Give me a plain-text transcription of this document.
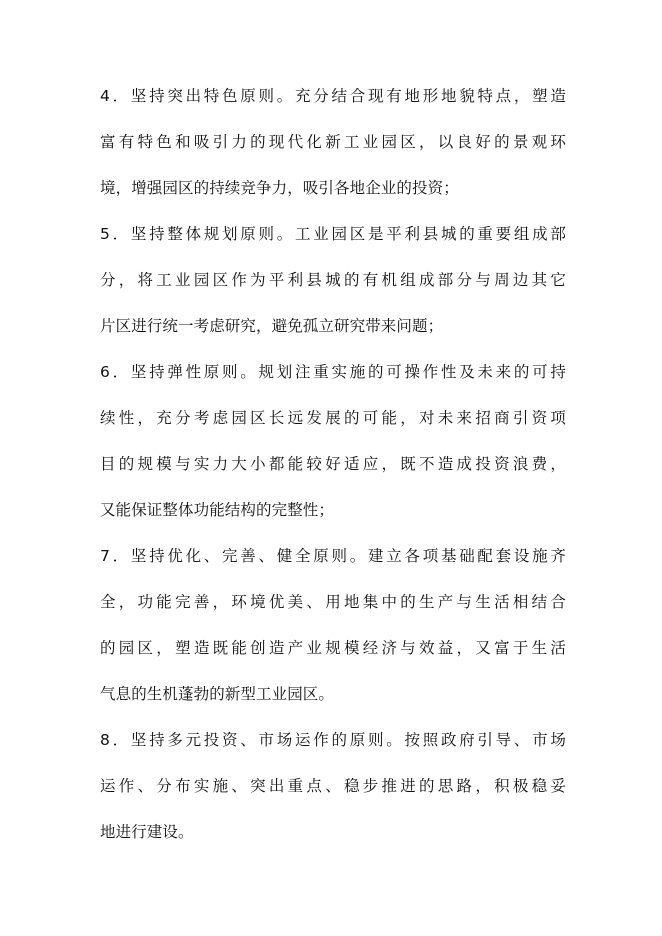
4．坚持突出特色原则。充分结合现有地形地貌特点，塑造
富有特色和吸引力的现代化新工业园区，以良好的景观环
境，增强园区的持续竞争力，吸引各地企业的投资；
5．坚持整体规划原则。工业园区是平利县城的重要组成部
分，将工业园区作为平利县城的有机组成部分与周边其它
片区进行统一考虑研究，避免孤立研究带来问题；
6．坚持弹性原则。规划注重实施的可操作性及未来的可持
续性，充分考虑园区长远发展的可能，对未来招商引资项
目的规模与实力大小都能较好适应，既不造成投资浪费，
又能保证整体功能结构的完整性；
7．坚持优化、完善、健全原则。建立各项基础配套设施齐
全，功能完善，环境优美、用地集中的生产与生活相结合
的园区，塑造既能创造产业规模经济与效益，又富于生活
气息的生机蓬勃的新型工业园区。
8．坚持多元投资、市场运作的原则。按照政府引导、市场
运作、分布实施、突出重点、稳步推进的思路，积极稳妥
地进行建设。
